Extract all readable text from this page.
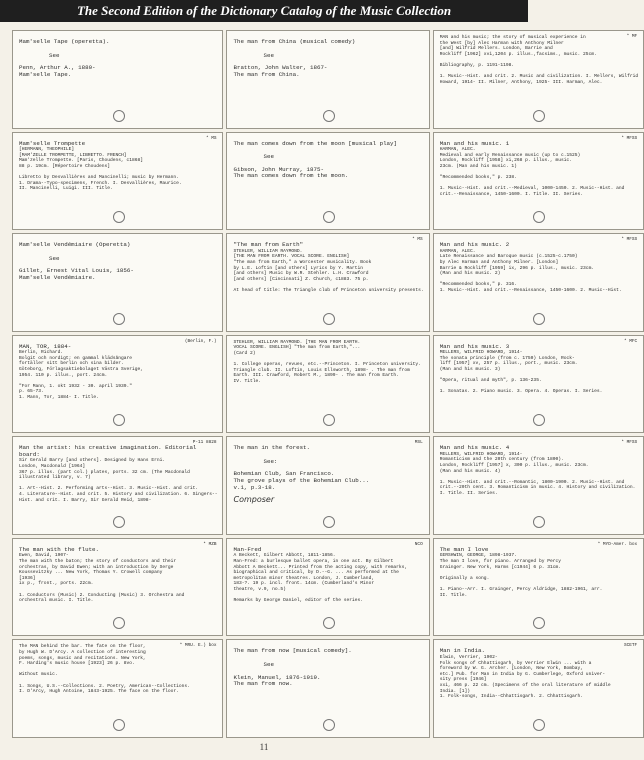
The Second Edition of the Dictionary Catalog of the Music Collection
Mam'selle Tape (operetta).
See
Penn, Arthur A., 1880-
Mam'selle Tape.
The man from China (musical comedy)
See
Bratton, John Walter, 1867-
The man from China.
* MF
MAN and his music; the story of musical experience in
the West [by] Alec Harman with Anthony Milner
[and] Wilfrid Mellers. London, Barrie and
Rockliff [1962] xvi,1204 p. illus.,facsims., music. 25cm.

Bibliography, p. 1191-1198.

1. Music--Hist. and crit. 2. Music and civilization. I. Mellers, Wilfrid
Howard, 1914- II. Milner, Anthony, 1925- III. Harman, Alec.
* MS
Mam'selle Trompette
[HERMANN, THEOPHILE]
[MAM'ZELLE TROMPETTE, LIBRETTO. FRENCH]
Mam'zelle Trompette. [Paris, Choudens, c1868]
88 p. 19cm. [Répertoire Choudens]

Libretto by Desvallières and Mancinelli; music by Hermann.
1. Drama--Typo-specimens, French. I. Desvallières, Maurice.
II. Mancinelli, Luigi. III. Title.
The man comes down from the moon [musical play]
See
Gibson, John Murray, 1875-
The man comes down from the moon.
* MFSS
Man and his music. 1
HARMAN, ALEC.
Medieval and early Renaissance music (up to c.1525)
London, Rockliff [1958] xi,268 p. illus., music.
23cm. (Man and his music. 1)

"Recommended books," p. 238.

1. Music--Hist. and crit.--Medieval, 1000-1450. 2. Music--Hist. and
crit.--Renaissance, 1450-1600. I. Title. II. Series.
Mam'selle Vendémiaire (Operetta)
See
Gillet, Ernest Vital Louis, 1856-
Mam'selle Vendémiaire.
* MS
"The man from Earth"
STEHLER, WILLIAM RAYMOND.
[THE MAN FROM EARTH. VOCAL SCORE. ENGLISH]
"The man from Earth," a Worcester musicality. Book
by L.E. Loftin [and others] Lyrics by Y. Martin
[and others] Music by W.R. Stehler. L.H. Crawford
[and others] [Cincinnati] Z. Church, c1883. 75 p.

At head of title: The Triangle club of Princeton university presents.
* MFSS
Man and his music. 2
HARMAN, ALEC.
Late Renaissance and Baroque music (c.1525-c.1750)
by Alec Harman and Anthony Milner. [London]
Barrie & Rockliff [1959] ix, 296 p. illus., music. 23cm.
(Man and his music. 2)

"Recommended books," p. 316.
1. Music--Hist. and crit.--Renaissance, 1450-1600. 2. Music--Hist.
(Berlin, F.)
MAN, TOR, 1884-
Berlin, Richard.
Bolgit och nordigt; en gammal klädsångare
fortäller sitt berlin och sina bilder.
Göteborg, Förlagsaktiebolaget Västra Sverige,
1954. 110 p. illus., port. 24cm.

"For Mann, 1. okt 1932 - 30. april 1939."
p. 65-73.
1. Mann, Tor, 1884- I. Title.
STEHLER, WILLIAM RAYMOND. [THE MAN FROM EARTH.
VOCAL SCORE. ENGLISH] "The man from Earth,"...
(Card 2)

1. College operas, revues, etc.--Princeton. I. Princeton university.
Triangle club. II. Loftin, Louis Ellsworth, 1898- . The man from
Earth. III. Crawford, Robert M., 1899- . The man from Earth.
IV. Title.
* MFC
Man and his music. 3
MELLERS, WILFRID HOWARD, 1914-
The sonata principle (from c. 1750) London, Rock-
liff [1957] xv, 257 p. illus., port., music. 23cm.
(Man and his music. 3)

"Opera, ritual and myth", p. 136-235.

1. Sonatas. 2. Piano music. 3. Opera. 4. Operas. I. Series.
P-11 8828
Man the artist: his creative imagination. Editorial board:
Sir Gerald Barry [and others]. Designed by Hans Erni.
London, Macdonald [1964]
367 p. illus. (part col.) plates, ports. 32 cm. (The Macdonald
illustrated library, v. 7)

1. Art--Hist. 2. Performing arts--Hist. 3. Music--Hist. and crit.
4. Literature--Hist. and crit. 5. History and civilization. 6. Singers--
Hist. and crit. I. Barry, Sir Gerald Reid, 1898-
MSL
The man in the forest.
See:
Bohemian Club, San Francisco.
The grove plays of the Bohemian Club...
v.1, p.3-18.
Composer
* MFSS
Man and his music. 4
MELLERS, WILFRID HOWARD, 1914-
Romanticism and the 20th century (from 1800).
London, Rockliff [1957] x, 300 p. illus., music. 23cm.
(Man and his music. 4)

1. Music--Hist. and crit.--Romantic, 1800-1900. 2. Music--Hist. and
crit.--20th cent. 3. Romanticism in music. 4. History and civilization.
I. Title. II. Series.
* MZB
The man with the flute.
Ewen, David, 1907-
The man with the baton; the story of conductors and their
orchestras, by David Ewen; with an introduction by Serge
Koussevitzky ... New York, Thomas Y. Crowell company
[1936]
ix p., front., ports. 22cm.

1. Conductors (Music) 2. Conducting (Music) 3. Orchestra and
orchestral music. I. Title.
NCO
Man-Fred
A Beckett, Gilbert Abbott, 1811-1856.
Man-Fred: a burlesque ballet opera, in one act. By Gilbert
Abbott A Beckett... Printed from the acting copy, with remarks,
biographical and critical, by D.--G. ... As performed at the
metropolitan minor theatres. London, J. Cumberland,
183-?. 19 p. incl. front. 14cm. (Cumberland's Minor
theatre, v.9, no.5)

Remarks by George Daniel, editor of the series.
* MYD-Amer. box
The man I love
GERSHWIN, GEORGE, 1898-1937.
The man I love, for piano. Arranged by Percy
Grainger. New York, Harms [c1944] 6 p. 31cm.

Originally a song.

1. Piano--Arr. I. Grainger, Percy Aldridge, 1882-1961, arr.
II. Title.
* MRU. E.) box
The MAN behind the bar. The fate on the floor,
by Hugh W. D'Arcy. A collection of interesting
poems, songs, music and recitations. New York,
F. Harding's music house [1923] 26 p. 8vo.

Without music.

1. Songs, U.S.--Collections. 2. Poetry, American--Collections.
I. D'Arcy, Hugh Antoine, 1843-1925. The face on the floor.
The man from now [musical comedy].
See
Klein, Manuel, 1876-1919.
The man from now.
SCETF
Man in India.
Elwin, Verrier, 1902-
Folk songs of Chhattisgarh, by Verrier Elwin ... with a
foreword by W. G. Archer. [London, New York, Bombay,
etc.] Pub. for Man in India by G. Cumberlege, Oxford univer-
sity press [1946]
xxi, 466 p. 22 cm. (Specimens of the oral literature of middle
India. [1])
1. Folk-songs, India--Chhattisgarh. 2. Chhattisgarh.
11
